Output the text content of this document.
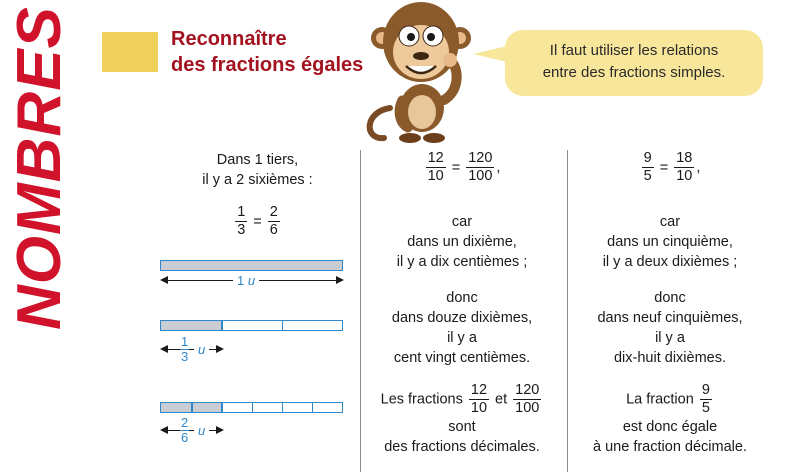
NOMBRES	Reconnaître
des fractions égales
Il faut utiliser les relations
entre des fractions simples.
Dans 1 tiers,
il y a 2 sixièmes :
$\frac{1}{3} = \frac{2}{6}$
1 u
$\frac{1}{3}$ u
$\frac{2}{6}$ u
$\frac{12}{10} = \frac{120}{100}$ ,
car
dans un dixième,
il y a dix centièmes ;
donc
dans douze dixièmes,
il y a
cent vingt centièmes.
Les fractions $\frac{12}{10}$ et $\frac{120}{100}$
sont
des fractions décimales.
$\frac{9}{5} = \frac{18}{10}$ ,
car
dans un cinquième,
il y a deux dixièmes ;
donc
dans neuf cinquièmes,
il y a
dix-huit dixièmes.
La fraction $\frac{9}{5}$
est donc égale
à une fraction décimale.
